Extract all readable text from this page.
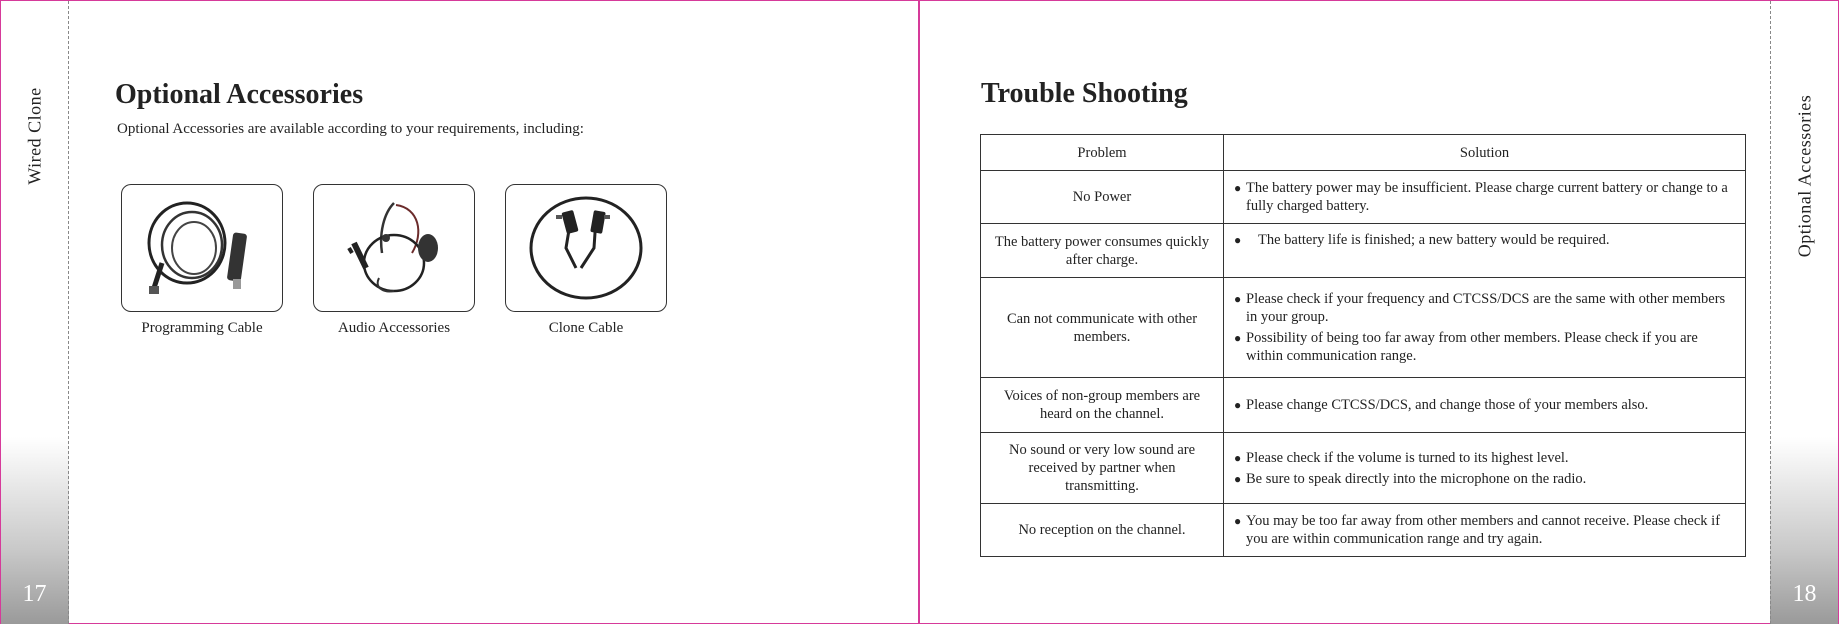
Wired Clone
17
Optional Accessories

Optional Accessories are available according to your requirements, including:

Programming Cable	Audio Accessories	Clone Cable
Optional Accessories
18
Trouble Shooting
Problem	Solution
No Power	● The battery power may be insufficient. Please charge current battery or change to a fully charged battery.

The battery power consumes quickly after charge.	● The battery life is finished; a new battery would be required.

Can not communicate with other members.	● Please check if your frequency and CTCSS/DCS are the same with other members in your group.
● Possibility of being too far away from other members. Please check if you are within communication range.

Voices of non-group members are heard on the channel.	● Please change CTCSS/DCS, and change those of your members also.

No sound or very low sound are received by partner when transmitting.	● Please check if the volume is turned to its highest level.
● Be sure to speak directly into the microphone on the radio.

No reception on the channel.	● You may be too far away from other members and cannot receive. Please check if you are within communication range and try again.
